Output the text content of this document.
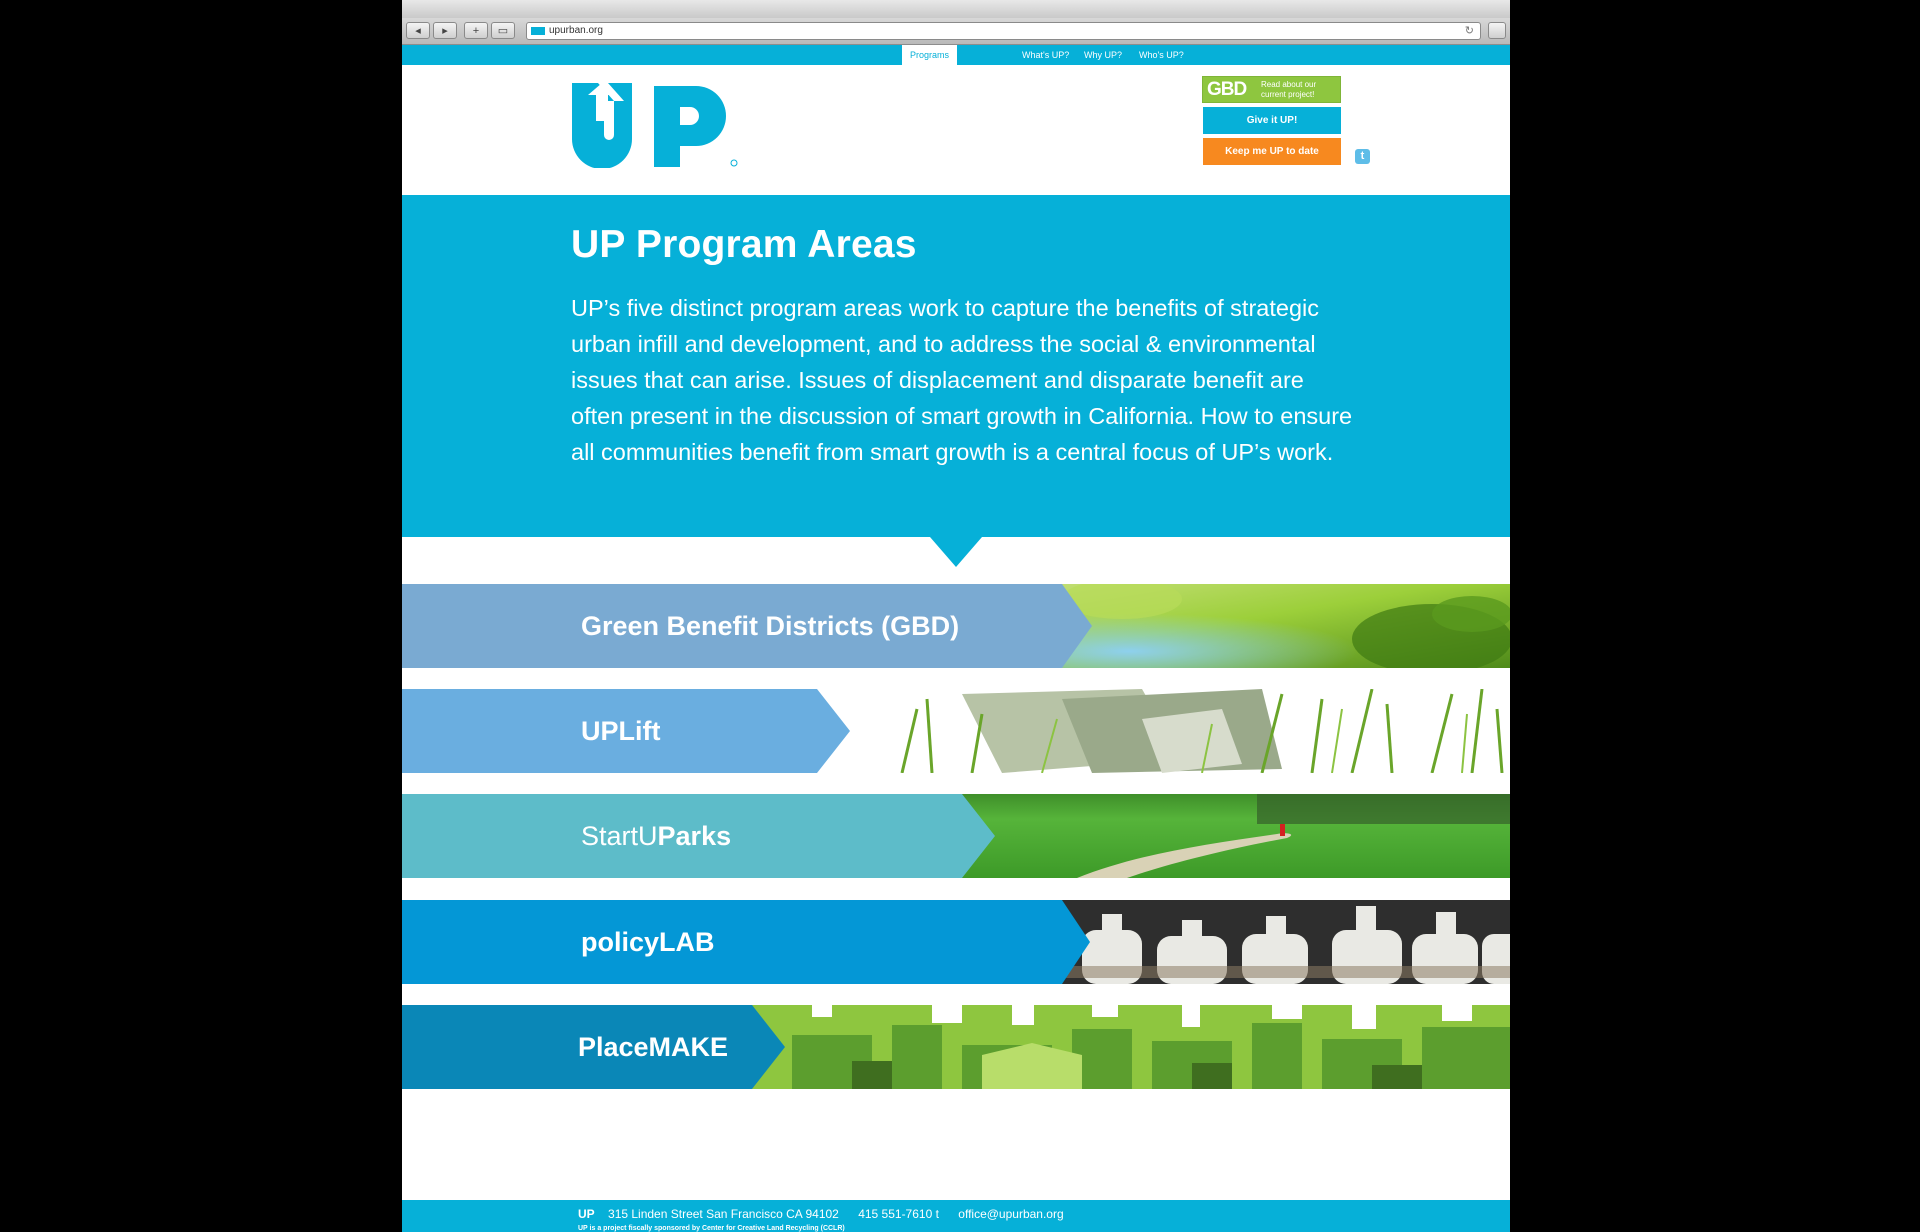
◂	▸	+	▭	upurban.org	↻
Programs	What's UP?	Why UP?	Who's UP?
GBD	Read about our current project!
Give it UP!
Keep me UP to date	t
UP Program Areas

UP’s five distinct program areas work to capture the benefits of strategic urban infill and development, and to address the social & environmental issues that can arise. Issues of displacement and disparate benefit are often present in the discussion of smart growth in California. How to ensure all communities benefit from smart growth is a central focus of UP’s work.

Green Benefit Districts (GBD)
UPLift
StartUParks
policyLAB
PlaceMAKE
UP 315 Linden Street San Francisco CA 94102 415 551-7610 t office@upurban.org
UP is a project fiscally sponsored by Center for Creative Land Recycling (CCLR)
